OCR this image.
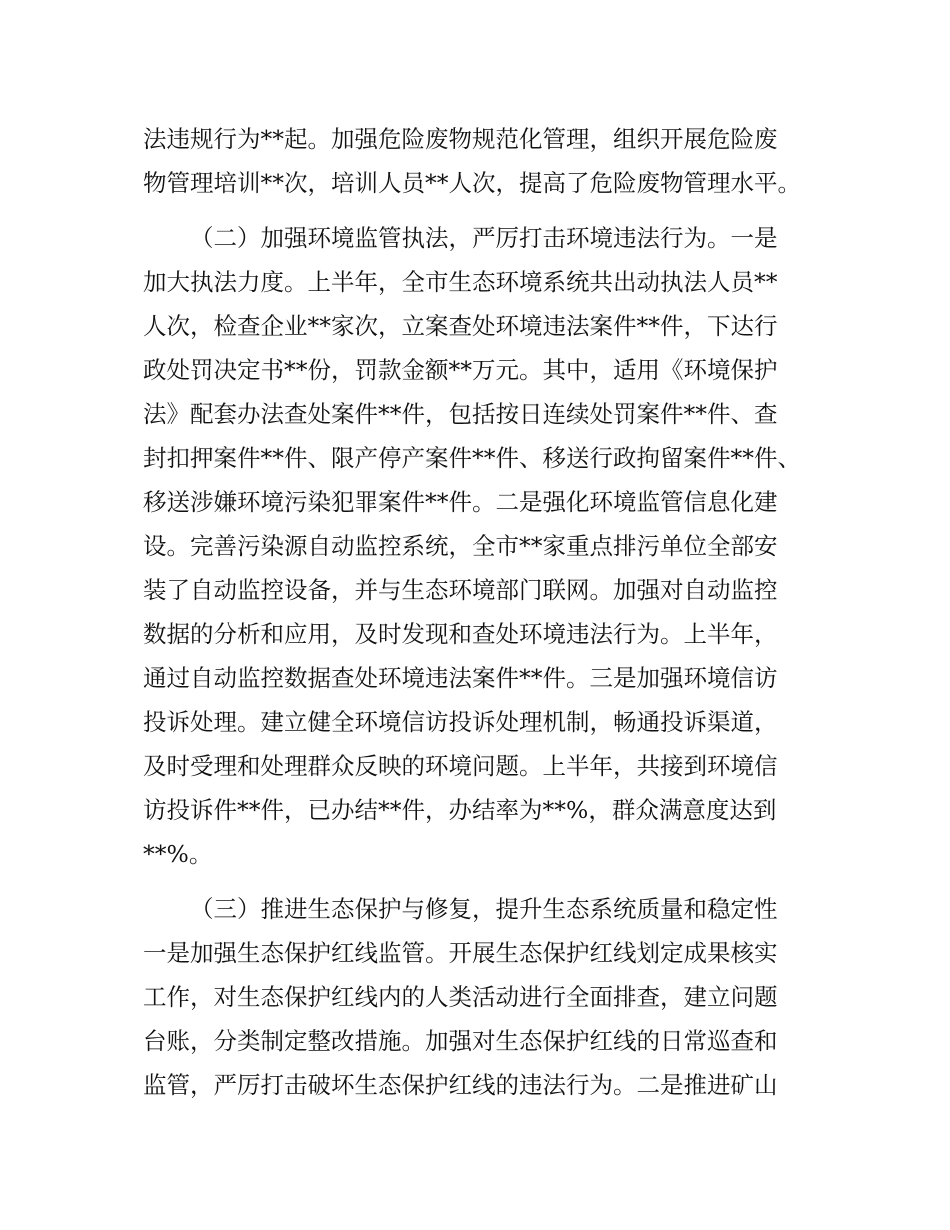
法违规行为**起。加强危险废物规范化管理，组织开展危险废
物管理培训**次，培训人员**人次，提高了危险废物管理水平。
（二）加强环境监管执法，严厉打击环境违法行为。一是
加大执法力度。上半年，全市生态环境系统共出动执法人员**
人次，检查企业**家次，立案查处环境违法案件**件，下达行
政处罚决定书**份，罚款金额**万元。其中，适用《环境保护
法》配套办法查处案件**件，包括按日连续处罚案件**件、查
封扣押案件**件、限产停产案件**件、移送行政拘留案件**件、
移送涉嫌环境污染犯罪案件**件。二是强化环境监管信息化建
设。完善污染源自动监控系统，全市**家重点排污单位全部安
装了自动监控设备，并与生态环境部门联网。加强对自动监控
数据的分析和应用，及时发现和查处环境违法行为。上半年，
通过自动监控数据查处环境违法案件**件。三是加强环境信访
投诉处理。建立健全环境信访投诉处理机制，畅通投诉渠道，
及时受理和处理群众反映的环境问题。上半年，共接到环境信
访投诉件**件，已办结**件，办结率为**%，群众满意度达到
**%。
（三）推进生态保护与修复，提升生态系统质量和稳定性
一是加强生态保护红线监管。开展生态保护红线划定成果核实
工作，对生态保护红线内的人类活动进行全面排查，建立问题
台账，分类制定整改措施。加强对生态保护红线的日常巡查和
监管，严厉打击破坏生态保护红线的违法行为。二是推进矿山
